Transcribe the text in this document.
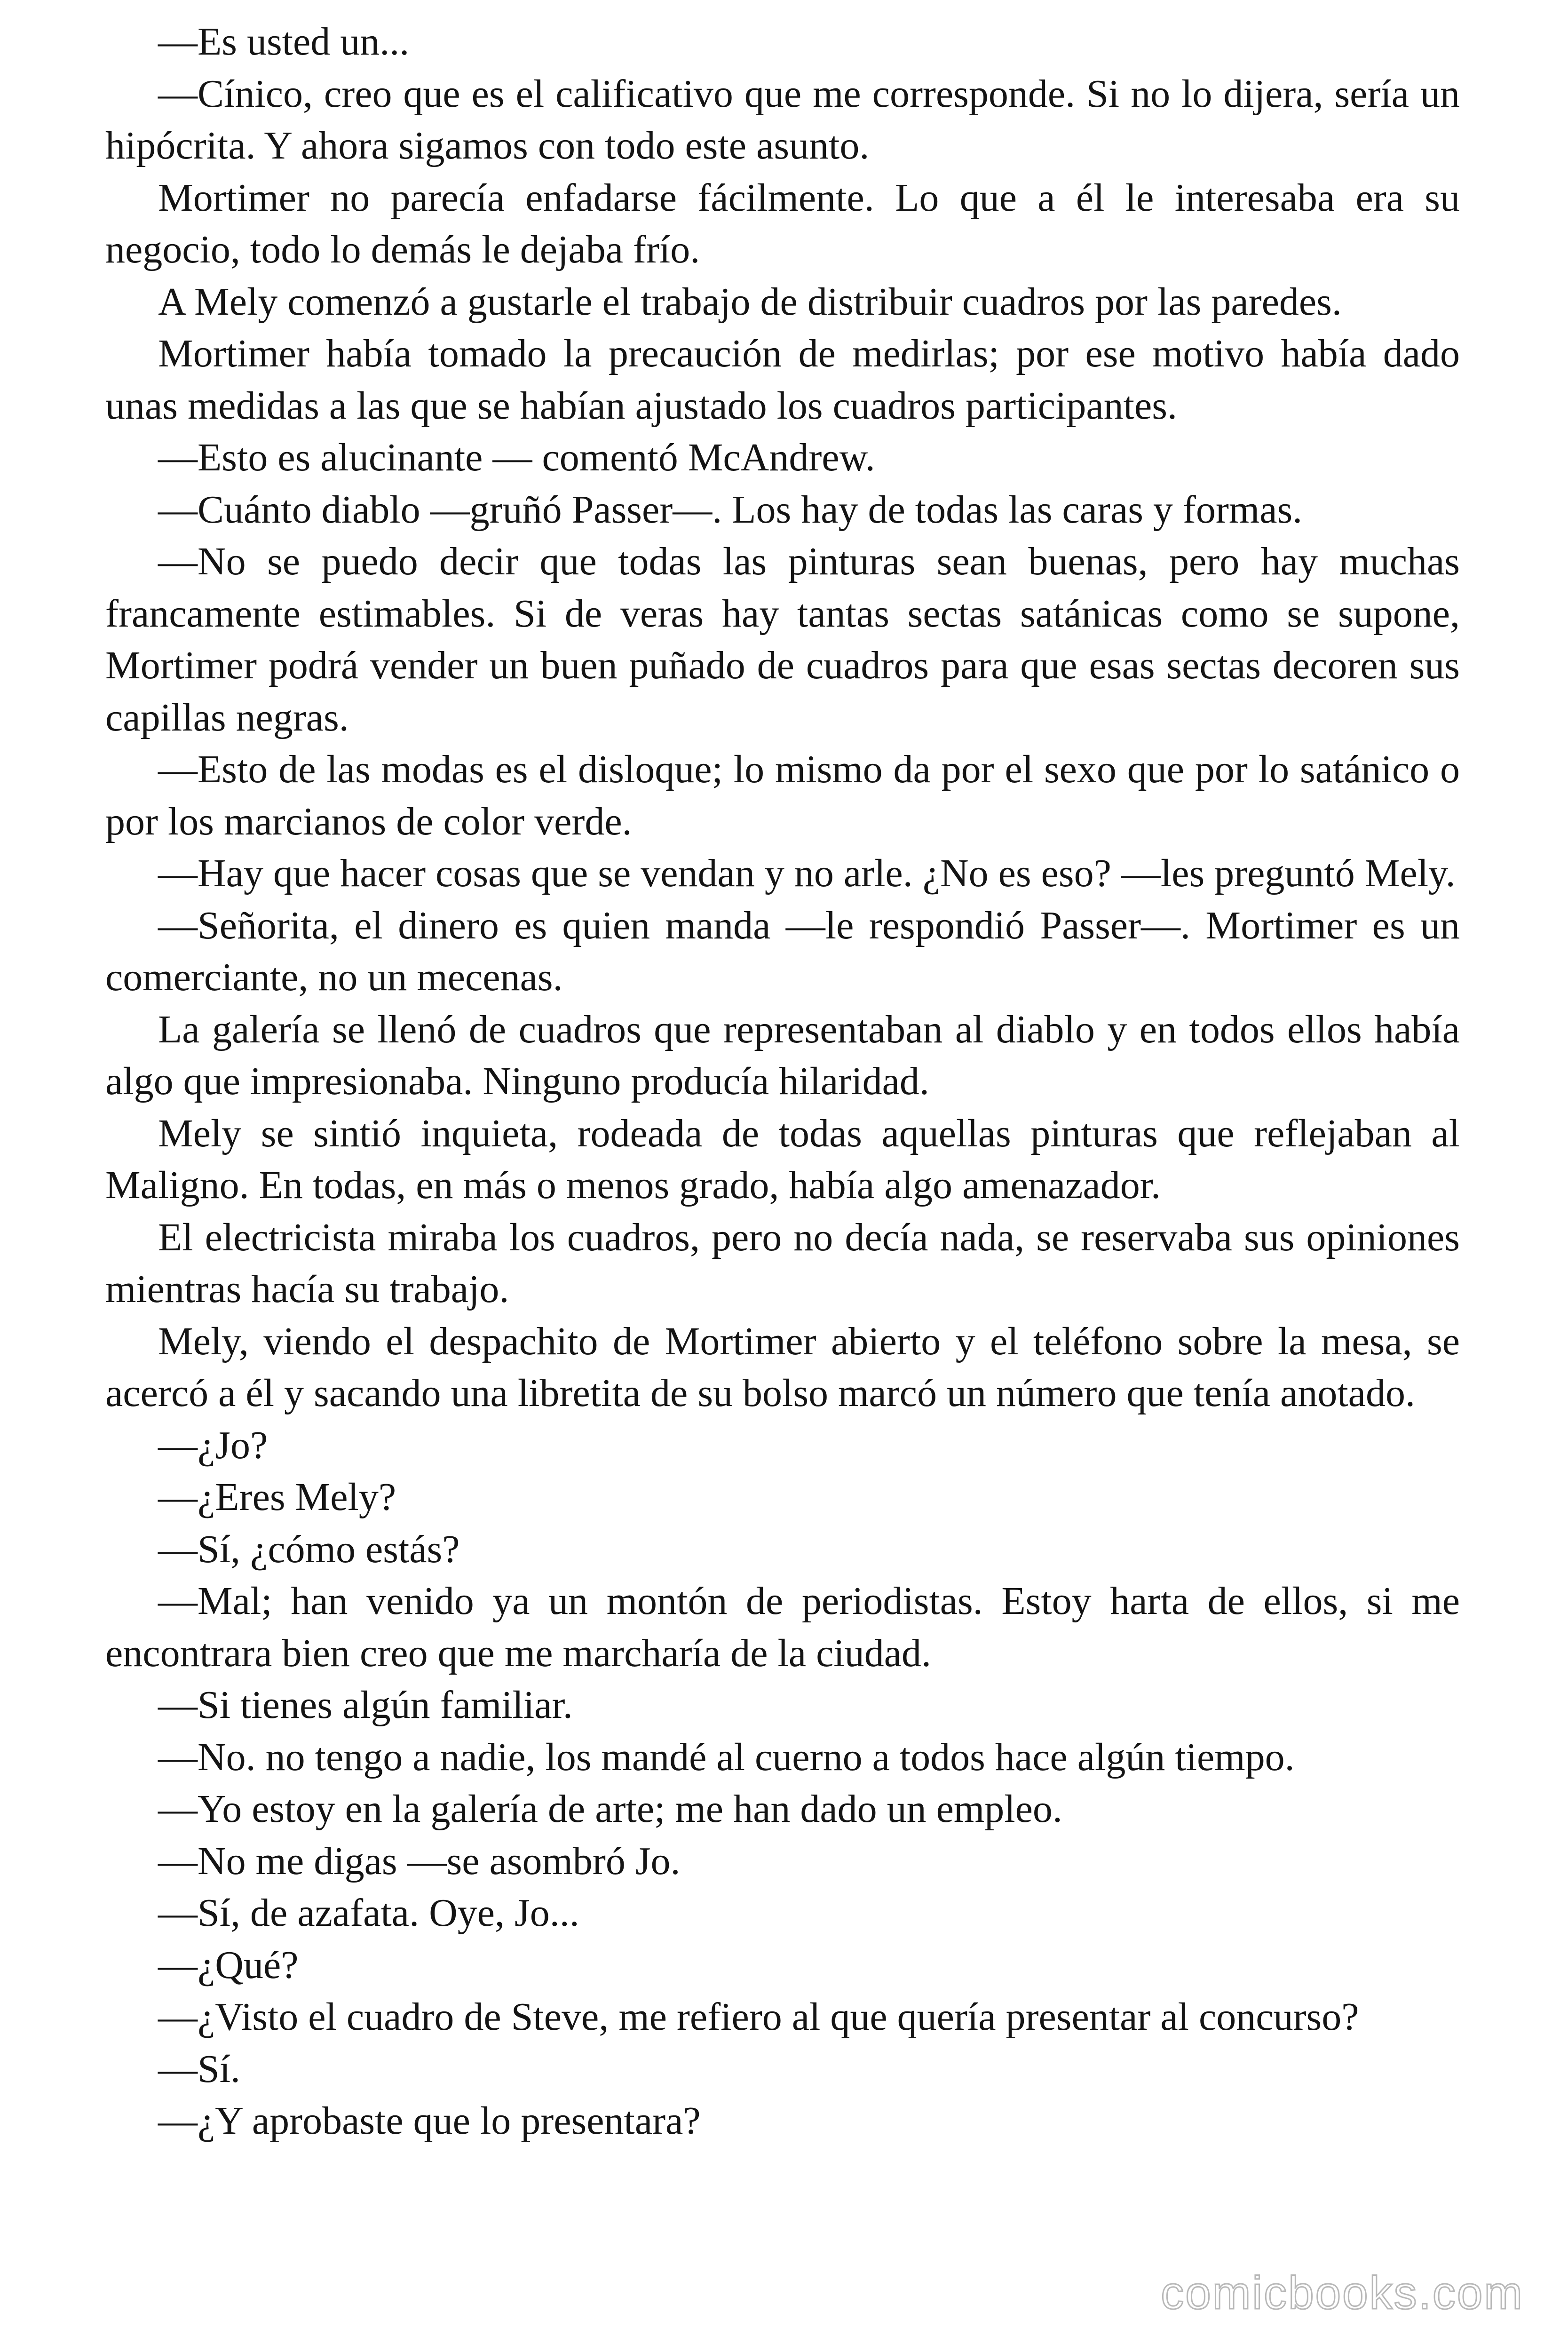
—Es usted un...

—Cínico, creo que es el calificativo que me corresponde. Si no lo dijera, sería un hipócrita. Y ahora sigamos con todo este asunto.

Mortimer no parecía enfadarse fácilmente. Lo que a él le interesaba era su negocio, todo lo demás le dejaba frío.

A Mely comenzó a gustarle el trabajo de distribuir cuadros por las paredes.

Mortimer había tomado la precaución de medirlas; por ese motivo había dado unas medidas a las que se habían ajustado los cuadros participantes.

—Esto es alucinante — comentó McAndrew.

—Cuánto diablo —gruñó Passer—. Los hay de todas las caras y formas.

—No se puedo decir que todas las pinturas sean buenas, pero hay muchas francamente estimables. Si de veras hay tantas sectas satánicas como se supone, Mortimer podrá vender un buen puñado de cuadros para que esas sectas decoren sus capillas negras.

—Esto de las modas es el disloque; lo mismo da por el sexo que por lo satánico o por los marcianos de color verde.

—Hay que hacer cosas que se vendan y no arle. ¿No es eso? —les preguntó Mely.

—Señorita, el dinero es quien manda —le respondió Passer—. Mortimer es un comerciante, no un mecenas.

La galería se llenó de cuadros que representaban al diablo y en todos ellos había algo que impresionaba. Ninguno producía hilaridad.

Mely se sintió inquieta, rodeada de todas aquellas pinturas que reflejaban al Maligno. En todas, en más o menos grado, había algo amenazador.

El electricista miraba los cuadros, pero no decía nada, se reservaba sus opiniones mientras hacía su trabajo.

Mely, viendo el despachito de Mortimer abierto y el teléfono sobre la mesa, se acercó a él y sacando una libretita de su bolso marcó un número que tenía anotado.

—¿Jo?

—¿Eres Mely?

—Sí, ¿cómo estás?

—Mal; han venido ya un montón de periodistas. Estoy harta de ellos, si me encontrara bien creo que me marcharía de la ciudad.

—Si tienes algún familiar.

—No. no tengo a nadie, los mandé al cuerno a todos hace algún tiempo.

—Yo estoy en la galería de arte; me han dado un empleo.

—No me digas —se asombró Jo.

—Sí, de azafata. Oye, Jo...

—¿Qué?

—¿Visto el cuadro de Steve, me refiero al que quería presentar al concurso?

—Sí.

—¿Y aprobaste que lo presentara?

comicbooks.com
